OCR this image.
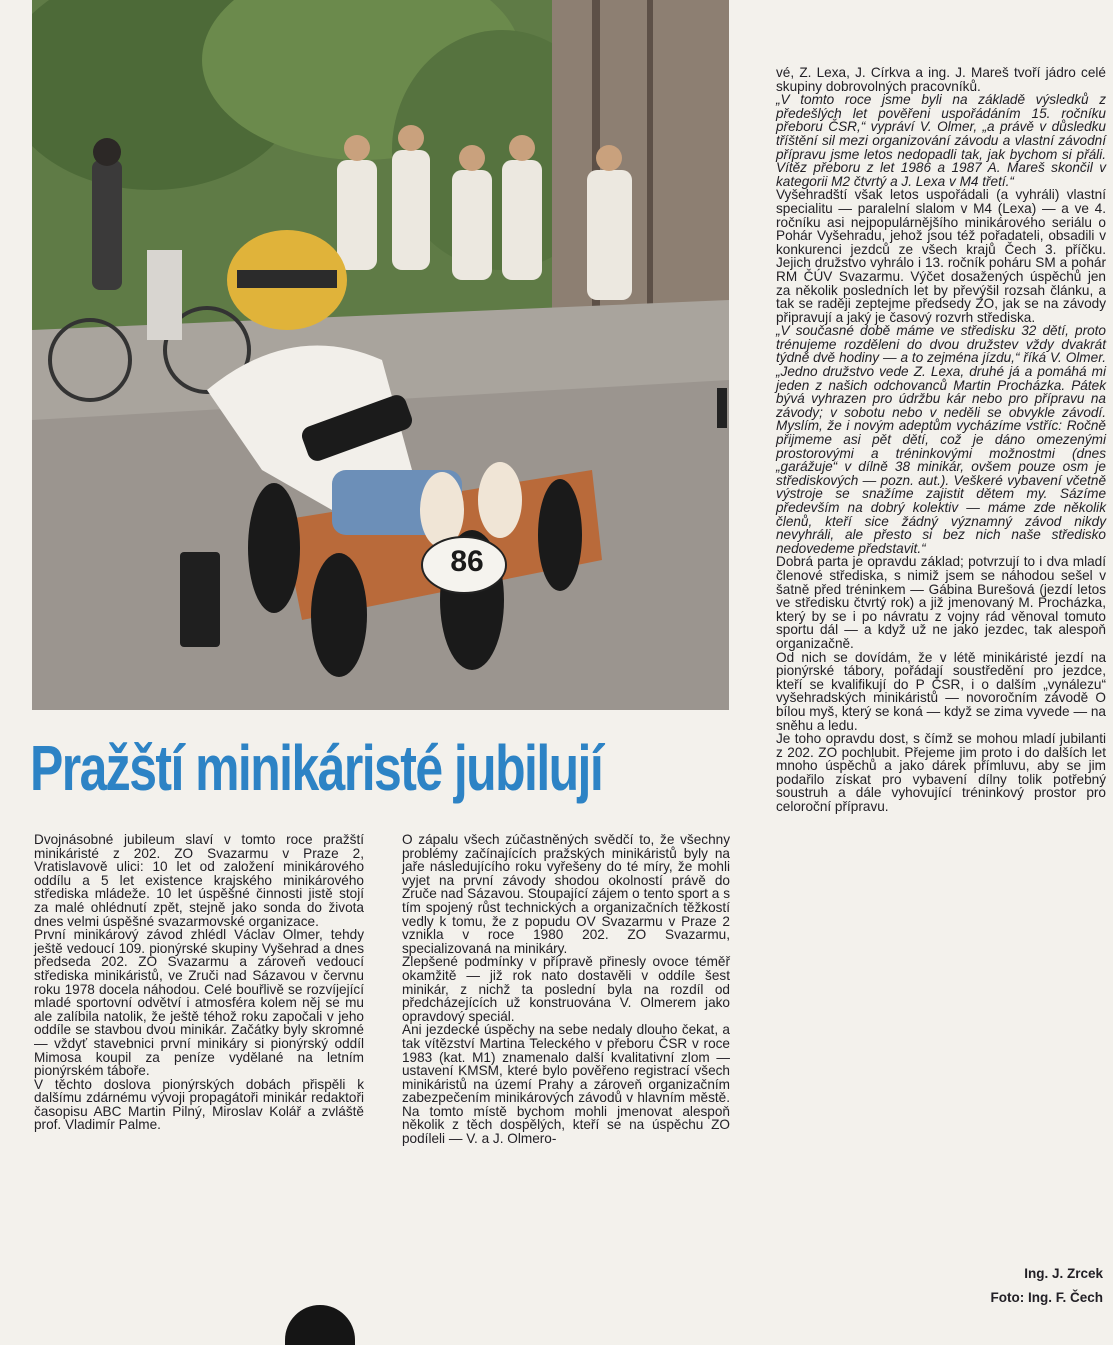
86
Pražští minikáristé jubilují

Dvojnásobné jubileum slaví v tomto roce pražští minikáristé z 202. ZO Svazarmu v Praze 2, Vratislavově ulici: 10 let od založení minikárového oddílu a 5 let existence krajského minikárového střediska mládeže. 10 let úspěšné činnosti jistě stojí za malé ohlédnutí zpět, stejně jako sonda do života dnes velmi úspěšné svazarmovské organizace.

První minikárový závod zhlédl Václav Olmer, tehdy ještě vedoucí 109. pionýrské skupiny Vyšehrad a dnes předseda 202. ZO Svazarmu a zároveň vedoucí střediska minikáristů, ve Zruči nad Sázavou v červnu roku 1978 docela náhodou. Celé bouřlivě se rozvíjející mladé sportovní odvětví i atmosféra kolem něj se mu ale zalíbila natolik, že ještě téhož roku započali v jeho oddíle se stavbou dvou minikár. Začátky byly skromné — vždyť stavebnici první minikáry si pionýrský oddíl Mimosa koupil za peníze vydělané na letním pionýrském táboře.

V těchto doslova pionýrských dobách přispěli k dalšímu zdárnému vývoji propagátoři minikár redaktoři časopisu ABC Martin Pilný, Miroslav Kolář a zvláště prof. Vladimír Palme.

O zápalu všech zúčastněných svědčí to, že všechny problémy začínajících pražských minikáristů byly na jaře následujícího roku vyřešeny do té míry, že mohli vyjet na první závody shodou okolností právě do Zruče nad Sázavou. Stoupající zájem o tento sport a s tím spojený růst technických a organizačních těžkostí vedly k tomu, že z popudu OV Svazarmu v Praze 2 vznikla v roce 1980 202. ZO Svazarmu, specializovaná na minikáry.

Zlepšené podmínky v přípravě přinesly ovoce téměř okamžitě — již rok nato dostavěli v oddíle šest minikár, z nichž ta poslední byla na rozdíl od předcházejících už konstruována V. Olmerem jako opravdový speciál.

Ani jezdecké úspěchy na sebe nedaly dlouho čekat, a tak vítězství Martina Teleckého v přeboru ČSR v roce 1983 (kat. M1) znamenalo další kvalitativní zlom — ustavení KMSM, které bylo pověřeno registrací všech minikáristů na území Prahy a zároveň organizačním zabezpečením minikárových závodů v hlavním městě. Na tomto místě bychom mohli jmenovat alespoň několik z těch dospělých, kteří se na úspěchu ZO podíleli — V. a J. Olmero-

vé, Z. Lexa, J. Církva a ing. J. Mareš tvoří jádro celé skupiny dobrovolných pracovníků.

„V tomto roce jsme byli na základě výsledků z předešlých let pověřeni uspořádáním 15. ročníku přeboru ČSR,“ vypráví V. Olmer, „a právě v důsledku tříštění sil mezi organizování závodu a vlastní závodní přípravu jsme letos nedopadli tak, jak bychom si přáli. Vítěz přeboru z let 1986 a 1987 A. Mareš skončil v kategorii M2 čtvrtý a J. Lexa v M4 třetí.“

Vyšehradští však letos uspořádali (a vyhráli) vlastní specialitu — paralelní slalom v M4 (Lexa) — a ve 4. ročníku asi nejpopulárnějšího minikárového seriálu o Pohár Vyšehradu, jehož jsou též pořadateli, obsadili v konkurenci jezdců ze všech krajů Čech 3. příčku. Jejich družstvo vyhrálo i 13. ročník poháru SM a pohár RM ČÚV Svazarmu. Výčet dosažených úspěchů jen za několik posledních let by převýšil rozsah článku, a tak se raději zeptejme předsedy ZO, jak se na závody připravují a jaký je časový rozvrh střediska.

„V současné době máme ve středisku 32 dětí, proto trénujeme rozděleni do dvou družstev vždy dvakrát týdně dvě hodiny — a to zejména jízdu,“ říká V. Olmer. „Jedno družstvo vede Z. Lexa, druhé já a pomáhá mi jeden z našich odchovanců Martin Procházka. Pátek bývá vyhrazen pro údržbu kár nebo pro přípravu na závody; v sobotu nebo v neděli se obvykle závodí. Myslím, že i novým adeptům vycházíme vstříc: Ročně přijmeme asi pět dětí, což je dáno omezenými prostorovými a tréninkovými možnostmi (dnes „garážuje“ v dílně 38 minikár, ovšem pouze osm je střediskových — pozn. aut.). Veškeré vybavení včetně výstroje se snažíme zajistit dětem my. Sázíme především na dobrý kolektiv — máme zde několik členů, kteří sice žádný významný závod nikdy nevyhráli, ale přesto si bez nich naše středisko nedovedeme představit.“

Dobrá parta je opravdu základ; potvrzují to i dva mladí členové střediska, s nimiž jsem se náhodou sešel v šatně před tréninkem — Gábina Burešová (jezdí letos ve středisku čtvrtý rok) a již jmenovaný M. Procházka, který by se i po návratu z vojny rád věnoval tomuto sportu dál — a když už ne jako jezdec, tak alespoň organizačně.

Od nich se dovídám, že v létě minikáristé jezdí na pionýrské tábory, pořádají soustředění pro jezdce, kteří se kvalifikují do P ČSR, i o dalším „vynálezu“ vyšehradských minikáristů — novoročním závodě O bílou myš, který se koná — když se zima vyvede — na sněhu a ledu.

Je toho opravdu dost, s čímž se mohou mladí jubilanti z 202. ZO pochlubit. Přejeme jim proto i do dalších let mnoho úspěchů a jako dárek přímluvu, aby se jim podařilo získat pro vybavení dílny tolik potřebný soustruh a dále vyhovující tréninkový prostor pro celoroční přípravu.

Ing. J. Zrcek
Foto: Ing. F. Čech
